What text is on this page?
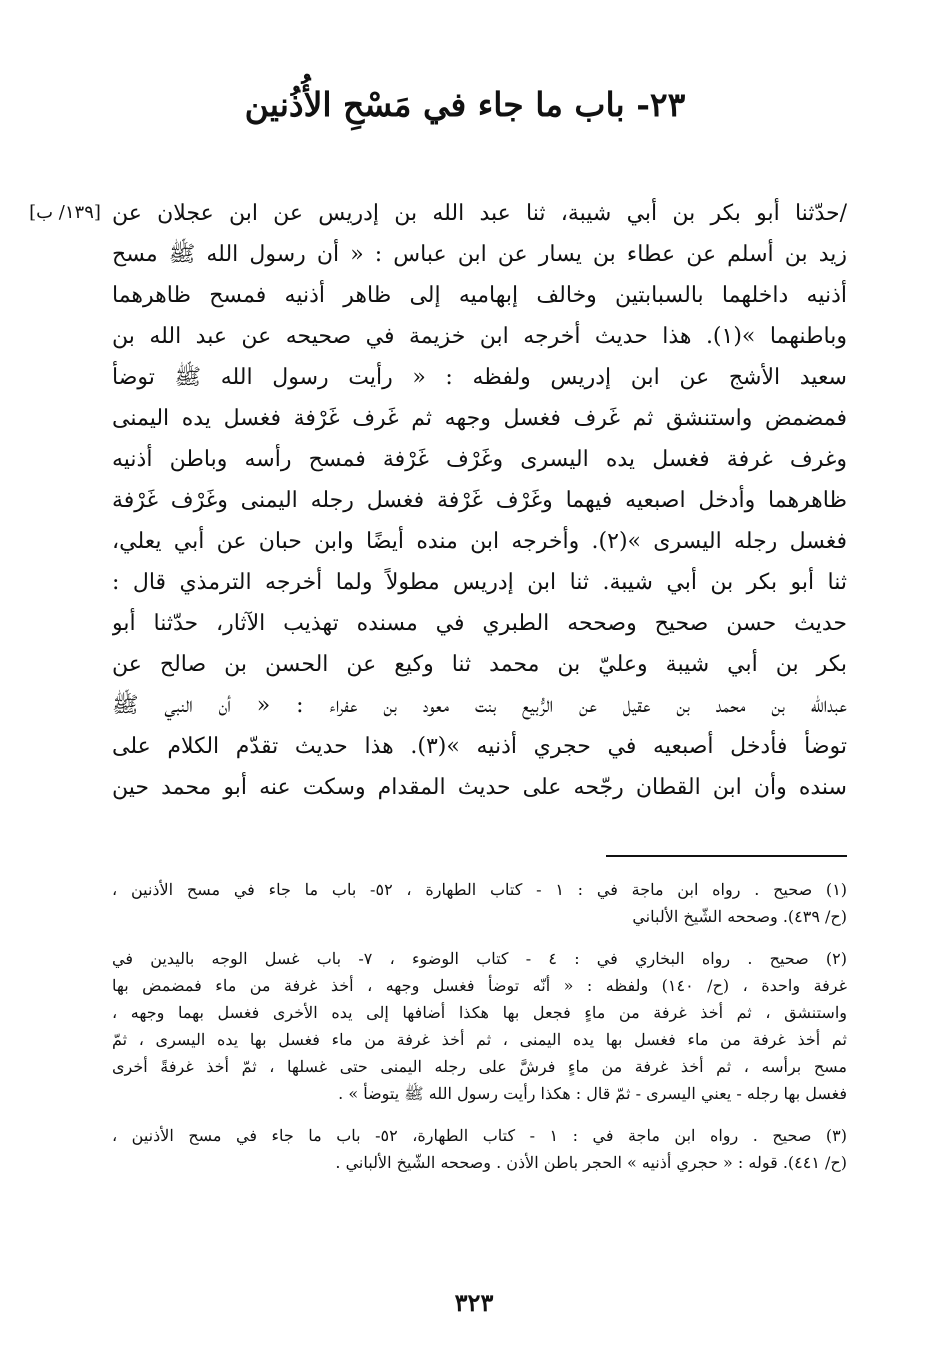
٢٣- باب ما جاء في مَسْحِ الأُذُنين
[١٣٩/ ب] /حدّثنا أبو بكر بن أبي شيبة، ثنا عبد الله بن إدريس عن ابن عجلان عن
زيد بن أسلم عن عطاء بن يسار عن ابن عباس : « أن رسول الله ﷺ مسح
أذنيه داخلهما بالسبابتين وخالف إبهاميه إلى ظاهر أذنيه فمسح ظاهرهما
وباطنهما »(١). هذا حديث أخرجه ابن خزيمة في صحيحه عن عبد الله بن
سعيد الأشج عن ابن إدريس ولفظه : « رأيت رسول الله ﷺ توضأ
فمضمض واستنشق ثم غَرف فغسل وجهه ثم غَرف غَرْفة فغسل يده اليمنى
وغرف غرفة فغسل يده اليسرى وغَرْف غَرْفة فمسح رأسه وباطن أذنيه
ظاهرهما وأدخل اصبعيه فيهما وغَرْف غَرْفة فغسل رجله اليمنى وغَرْف غَرْفة
فغسل رجله اليسرى »(٢). وأخرجه ابن منده أيضًا وابن حبان عن أبي يعلي،
ثنا أبو بكر بن أبي شيبة. ثنا ابن إدريس مطولاً ولما أخرجه الترمذي قال :
حديث حسن صحيح وصححه الطبري في مسنده تهذيب الآثار، حدّثنا أبو
بكر بن أبي شيبة وعليّ بن محمد ثنا وكيع عن الحسن بن صالح عن
عبدالله بن محمد بن عقيل عن الرُّبيع بنت معود بن عفراء : « أن النبي ﷺ
توضأ فأدخل أصبعيه في حجري أذنيه »(٣). هذا حديث تقدّم الكلام على
سنده وأن ابن القطان رجّحه على حديث المقدام وسكت عنه أبو محمد حين
(١) صحيح . رواه ابن ماجة في : ١ - كتاب الطهارة ، ٥٢- باب ما جاء في مسح الأذنين ،
(ح/ ٤٣٩). وصححه الشّيخ الألباني
(٢) صحيح . رواه البخاري في : ٤ - كتاب الوضوء ، ٧- باب غسل الوجه باليدين في
غرفة واحدة ، (ح/ ١٤٠) ولفظه : « أنّه توضأ فغسل وجهه ، أخذ غرفة من ماء فمضمض بها
واستنشق ، ثم أخذ غرفة من ماءٍ فجعل بها هكذا أضافها إلى يده الأخرى فغسل بهما وجهه ،
ثم أخذ غرفة من ماء فغسل بها يده اليمنى ، ثم أخذ غرفة من ماء فغسل بها يده اليسرى ، ثمّ
مسح برأسه ، ثم أخذ غرفة من ماءٍ فرشَّ على رجله اليمنى حتى غسلها ، ثمّ أخذ غرفةً أخرى
فغسل بها رجله - يعني اليسرى - ثمّ قال : هكذا رأيت رسول الله ﷺ يتوضأ » .
(٣) صحيح . رواه ابن ماجة في : ١ - كتاب الطهارة، ٥٢- باب ما جاء في مسح الأذنين ،
(ح/ ٤٤١). قوله : « حجري أذنيه » الحجر باطن الأذن . وصححه الشّيخ الألباني .
٣٢٣
